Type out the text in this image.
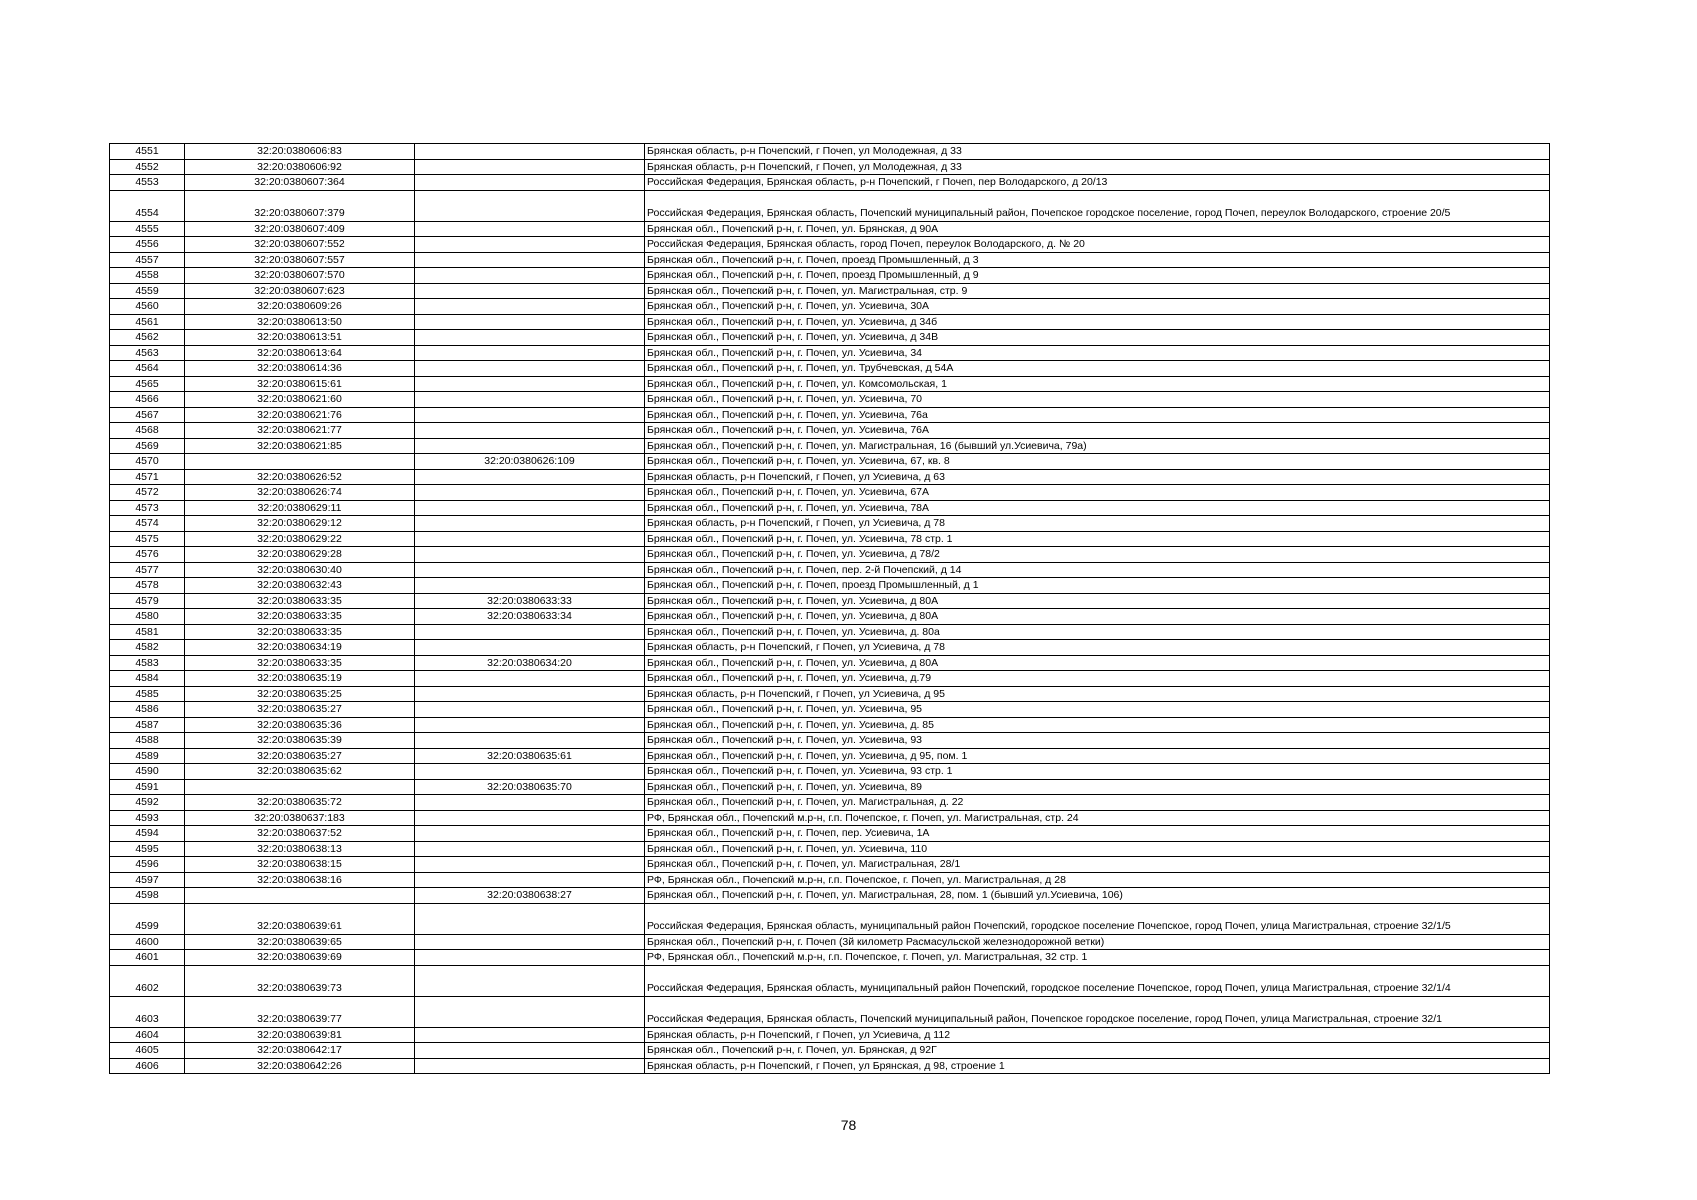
4551	32:20:0380606:83		Брянская область, р-н Почепский, г Почеп, ул Молодежная, д 33
4552	32:20:0380606:92		Брянская область, р-н Почепский, г Почеп, ул Молодежная, д 33
4553	32:20:0380607:364		Российская Федерация, Брянская область, р-н Почепский, г Почеп, пер Володарского, д 20/13
4554	32:20:0380607:379		Российская Федерация, Брянская область, Почепский муниципальный район, Почепское городское поселение, город Почеп, переулок Володарского, строение 20/5
4555	32:20:0380607:409		Брянская обл., Почепский р-н, г. Почеп, ул. Брянская, д 90А
4556	32:20:0380607:552		Российская Федерация, Брянская область, город Почеп, переулок Володарского, д. № 20
4557	32:20:0380607:557		Брянская обл., Почепский р-н, г. Почеп, проезд Промышленный, д 3
4558	32:20:0380607:570		Брянская обл., Почепский р-н, г. Почеп, проезд Промышленный, д 9
4559	32:20:0380607:623		Брянская обл., Почепский р-н, г. Почеп, ул. Магистральная, стр. 9
4560	32:20:0380609:26		Брянская обл., Почепский р-н, г. Почеп, ул. Усиевича, 30А
4561	32:20:0380613:50		Брянская обл., Почепский р-н, г. Почеп, ул. Усиевича, д 34б
4562	32:20:0380613:51		Брянская обл., Почепский р-н, г. Почеп, ул. Усиевича, д 34В
4563	32:20:0380613:64		Брянская обл., Почепский р-н, г. Почеп, ул. Усиевича, 34
4564	32:20:0380614:36		Брянская обл., Почепский р-н, г. Почеп, ул. Трубчевская, д 54А
4565	32:20:0380615:61		Брянская обл., Почепский р-н, г. Почеп, ул. Комсомольская, 1
4566	32:20:0380621:60		Брянская обл., Почепский р-н, г. Почеп, ул. Усиевича, 70
4567	32:20:0380621:76		Брянская обл., Почепский р-н, г. Почеп, ул. Усиевича, 76а
4568	32:20:0380621:77		Брянская обл., Почепский р-н, г. Почеп, ул. Усиевича, 76А
4569	32:20:0380621:85		Брянская обл., Почепский р-н, г. Почеп, ул. Магистральная, 16 (бывший ул.Усиевича, 79а)
4570		32:20:0380626:109	Брянская обл., Почепский р-н, г. Почеп, ул. Усиевича, 67, кв. 8
4571	32:20:0380626:52		Брянская область, р-н Почепский, г Почеп, ул Усиевича, д 63
4572	32:20:0380626:74		Брянская обл., Почепский р-н, г. Почеп, ул. Усиевича, 67А
4573	32:20:0380629:11		Брянская обл., Почепский р-н, г. Почеп, ул. Усиевича, 78А
4574	32:20:0380629:12		Брянская область, р-н Почепский, г Почеп, ул Усиевича, д 78
4575	32:20:0380629:22		Брянская обл., Почепский р-н, г. Почеп, ул. Усиевича, 78 стр. 1
4576	32:20:0380629:28		Брянская обл., Почепский р-н, г. Почеп, ул. Усиевича, д 78/2
4577	32:20:0380630:40		Брянская обл., Почепский р-н, г. Почеп, пер. 2-й Почепский, д 14
4578	32:20:0380632:43		Брянская обл., Почепский р-н, г. Почеп, проезд Промышленный, д 1
4579	32:20:0380633:35	32:20:0380633:33	Брянская обл., Почепский р-н, г. Почеп, ул. Усиевича, д 80А
4580	32:20:0380633:35	32:20:0380633:34	Брянская обл., Почепский р-н, г. Почеп, ул. Усиевича, д 80А
4581	32:20:0380633:35		Брянская обл., Почепский р-н, г. Почеп, ул. Усиевича, д. 80а
4582	32:20:0380634:19		Брянская область, р-н Почепский, г Почеп, ул Усиевича, д 78
4583	32:20:0380633:35	32:20:0380634:20	Брянская обл., Почепский р-н, г. Почеп, ул. Усиевича, д 80А
4584	32:20:0380635:19		Брянская обл., Почепский р-н, г. Почеп, ул. Усиевича, д.79
4585	32:20:0380635:25		Брянская область, р-н Почепский, г Почеп, ул Усиевича, д 95
4586	32:20:0380635:27		Брянская обл., Почепский р-н, г. Почеп, ул. Усиевича, 95
4587	32:20:0380635:36		Брянская обл., Почепский р-н, г. Почеп, ул. Усиевича, д. 85
4588	32:20:0380635:39		Брянская обл., Почепский р-н, г. Почеп, ул. Усиевича, 93
4589	32:20:0380635:27	32:20:0380635:61	Брянская обл., Почепский р-н, г. Почеп, ул. Усиевича, д 95, пом. 1
4590	32:20:0380635:62		Брянская обл., Почепский р-н, г. Почеп, ул. Усиевича, 93 стр. 1
4591		32:20:0380635:70	Брянская обл., Почепский р-н, г. Почеп, ул. Усиевича, 89
4592	32:20:0380635:72		Брянская обл., Почепский р-н, г. Почеп, ул. Магистральная, д. 22
4593	32:20:0380637:183		РФ, Брянская обл., Почепский м.р-н, г.п. Почепское, г. Почеп, ул. Магистральная, стр. 24
4594	32:20:0380637:52		Брянская обл., Почепский р-н, г. Почеп, пер. Усиевича, 1А
4595	32:20:0380638:13		Брянская обл., Почепский р-н, г. Почеп, ул. Усиевича, 110
4596	32:20:0380638:15		Брянская обл., Почепский р-н, г. Почеп, ул. Магистральная, 28/1
4597	32:20:0380638:16		РФ, Брянская обл., Почепский м.р-н, г.п. Почепское, г. Почеп, ул. Магистральная, д 28
4598		32:20:0380638:27	Брянская обл., Почепский р-н, г. Почеп, ул. Магистральная, 28, пом. 1 (бывший ул.Усиевича, 106)
4599	32:20:0380639:61		Российская Федерация, Брянская область, муниципальный район Почепский, городское поселение Почепское, город Почеп, улица Магистральная, строение 32/1/5
4600	32:20:0380639:65		Брянская обл., Почепский р-н, г. Почеп (3й километр Расмасульской железнодорожной ветки)
4601	32:20:0380639:69		РФ, Брянская обл., Почепский м.р-н, г.п. Почепское, г. Почеп, ул. Магистральная, 32 стр. 1
4602	32:20:0380639:73		Российская Федерация, Брянская область, муниципальный район Почепский, городское поселение Почепское, город Почеп, улица Магистральная, строение 32/1/4
4603	32:20:0380639:77		Российская Федерация, Брянская область, Почепский муниципальный район, Почепское городское поселение, город Почеп, улица Магистральная, строение 32/1
4604	32:20:0380639:81		Брянская область, р-н Почепский, г Почеп, ул Усиевича, д 112
4605	32:20:0380642:17		Брянская обл., Почепский р-н, г. Почеп, ул. Брянская, д 92Г
4606	32:20:0380642:26		Брянская область, р-н Почепский, г Почеп, ул Брянская, д 98, строение 1
78
